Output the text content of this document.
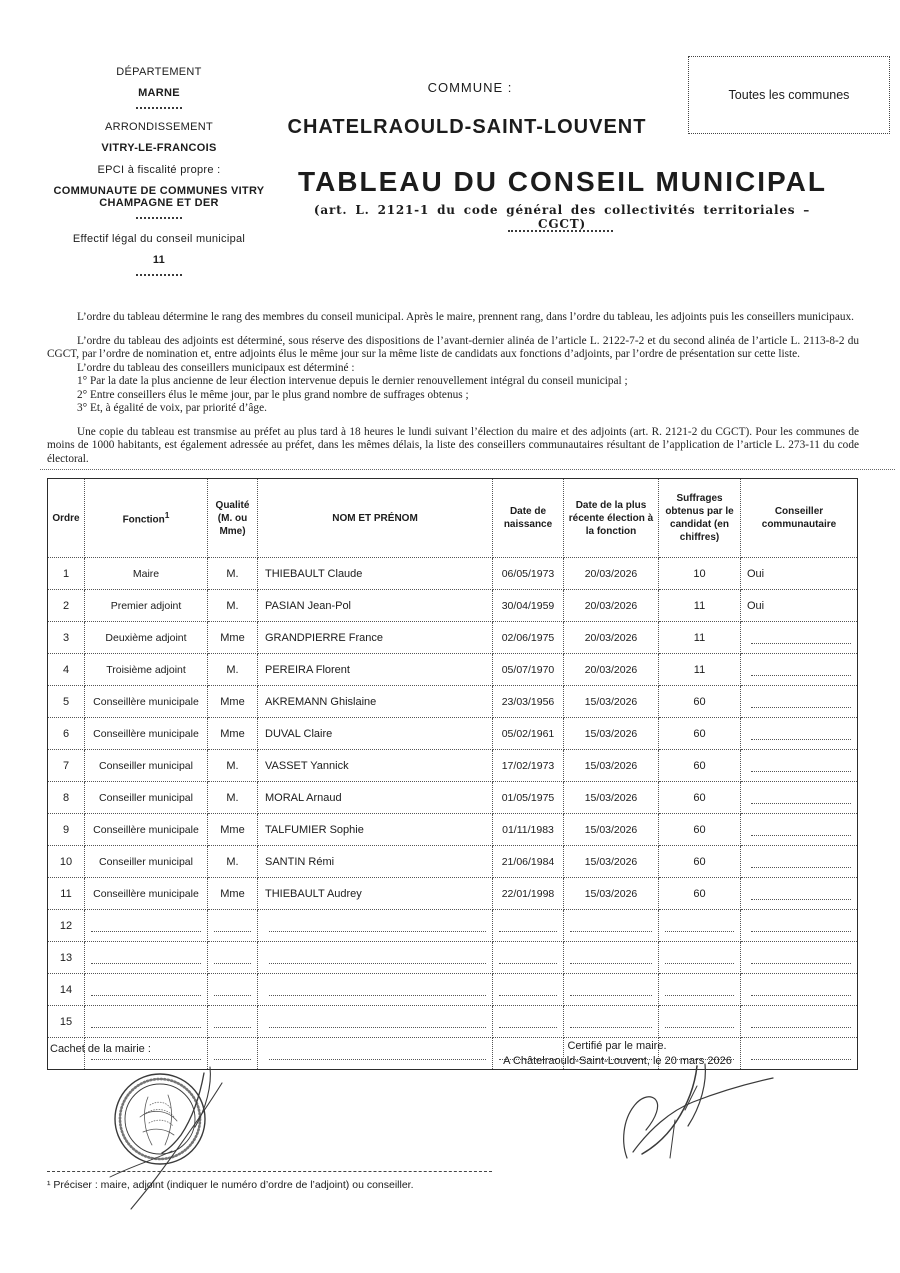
DÉPARTEMENT
MARNE
ARRONDISSEMENT
VITRY-LE-FRANCOIS
EPCI à fiscalité propre :
COMMUNAUTE DE COMMUNES VITRY CHAMPAGNE ET DER
Effectif légal du conseil municipal
11
COMMUNE :
CHATELRAOULD-SAINT-LOUVENT
TABLEAU DU CONSEIL MUNICIPAL
(art. L. 2121-1 du code général des collectivités territoriales – CGCT)
Toutes les communes

L’ordre du tableau détermine le rang des membres du conseil municipal. Après le maire, prennent rang, dans l’ordre du tableau, les adjoints puis les conseillers municipaux.

L’ordre du tableau des adjoints est déterminé, sous réserve des dispositions de l’avant-dernier alinéa de l’article L. 2122-7-2 et du second alinéa de l’article L. 2113-8-2 du CGCT, par l’ordre de nomination et, entre adjoints élus le même jour sur la même liste de candidats aux fonctions d’adjoints, par l’ordre de présentation sur cette liste.

L’ordre du tableau des conseillers municipaux est déterminé :

1° Par la date la plus ancienne de leur élection intervenue depuis le dernier renouvellement intégral du conseil municipal ;

2° Entre conseillers élus le même jour, par le plus grand nombre de suffrages obtenus ;

3° Et, à égalité de voix, par priorité d’âge.

Une copie du tableau est transmise au préfet au plus tard à 18 heures le lundi suivant l’élection du maire et des adjoints (art. R. 2121-2 du CGCT). Pour les communes de moins de 1000 habitants, est également adressée au préfet, dans les mêmes délais, la liste des conseillers communautaires résultant de l’application de l’article L. 273-11 du code électoral.

Ordre	Fonction$^1$	Qualité (M. ou Mme)	NOM ET PRÉNOM	Date de naissance	Date de la plus récente élection à la fonction	Suffrages obtenus par le candidat (en chiffres)	Conseiller communautaire
1	Maire	M.	THIEBAULT Claude	06/05/1973	20/03/2026	10	Oui
2	Premier adjoint	M.	PASIAN Jean-Pol	30/04/1959	20/03/2026	11	Oui
3	Deuxième adjoint	Mme	GRANDPIERRE France	02/06/1975	20/03/2026	11	

4	Troisième adjoint	M.	PEREIRA Florent	05/07/1970	20/03/2026	11	

5	Conseillère municipale	Mme	AKREMANN Ghislaine	23/03/1956	15/03/2026	60	

6	Conseillère municipale	Mme	DUVAL Claire	05/02/1961	15/03/2026	60	

7	Conseiller municipal	M.	VASSET Yannick	17/02/1973	15/03/2026	60	

8	Conseiller municipal	M.	MORAL Arnaud	01/05/1975	15/03/2026	60	

9	Conseillère municipale	Mme	TALFUMIER Sophie	01/11/1983	15/03/2026	60	

10	Conseiller municipal	M.	SANTIN Rémi	21/06/1984	15/03/2026	60	

11	Conseillère municipale	Mme	THIEBAULT Audrey	22/01/1998	15/03/2026	60	

12	

13	

14	

15	

Cachet de la mairie :	Certifié par le maire.
A Châtelraould-Saint-Louvent, le 20 mars 2026
¹ Préciser : maire, adjoint (indiquer le numéro d’ordre de l’adjoint) ou conseiller.
